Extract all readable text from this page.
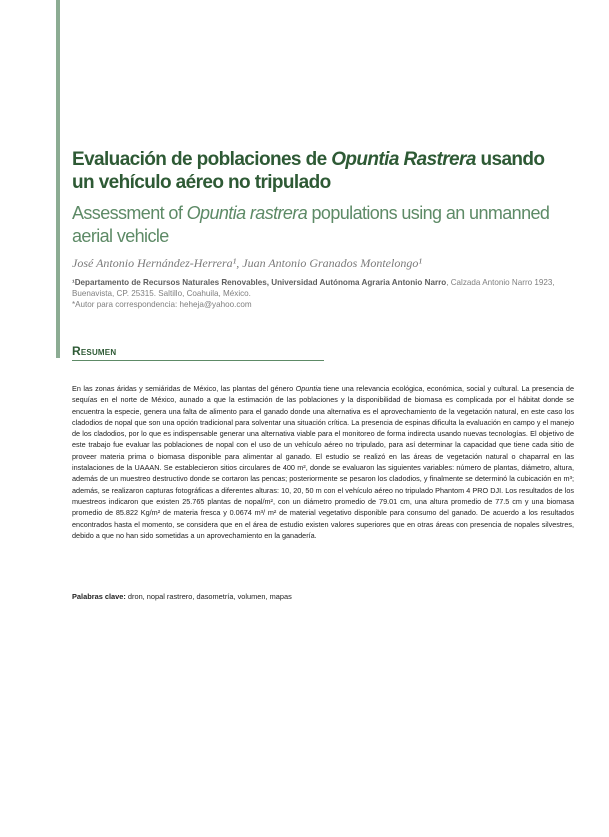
Evaluación de poblaciones de Opuntia Rastrera usando un vehículo aéreo no tripulado
Assessment of Opuntia rastrera populations using an unmanned aerial vehicle

José Antonio Hernández-Herrera¹, Juan Antonio Granados Montelongo¹

¹Departamento de Recursos Naturales Renovables, Universidad Autónoma Agraria Antonio Narro, Calzada Antonio Narro 1923, Buenavista, CP. 25315. Saltillo, Coahuila, México.
*Autor para correspondencia: heheja@yahoo.com
Resumen

En las zonas áridas y semiáridas de México, las plantas del género Opuntia tiene una relevancia ecológica, económica, social y cultural. La presencia de sequías en el norte de México, aunado a que la estimación de las poblaciones y la disponibilidad de biomasa es complicada por el hábitat donde se encuentra la especie, genera una falta de alimento para el ganado donde una alternativa es el aprovechamiento de la vegetación natural, en este caso los cladodios de nopal que son una opción tradicional para solventar una situación crítica. La presencia de espinas dificulta la evaluación en campo y el manejo de los cladodios, por lo que es indispensable generar una alternativa viable para el monitoreo de forma indirecta usando nuevas tecnologías. El objetivo de este trabajo fue evaluar las poblaciones de nopal con el uso de un vehículo aéreo no tripulado, para así determinar la capacidad que tiene cada sitio de proveer materia prima o biomasa disponible para alimentar al ganado. El estudio se realizó en las áreas de vegetación natural o chaparral en las instalaciones de la UAAAN. Se establecieron sitios circulares de 400 m², donde se evaluaron las siguientes variables: número de plantas, diámetro, altura, además de un muestreo destructivo donde se cortaron las pencas; posteriormente se pesaron los cladodios, y finalmente se determinó la cubicación en m³; además, se realizaron capturas fotográficas a diferentes alturas: 10, 20, 50 m con el vehículo aéreo no tripulado Phantom 4 PRO DJI. Los resultados de los muestreos indicaron que existen 25.765 plantas de nopal/m², con un diámetro promedio de 79.01 cm, una altura promedio de 77.5 cm y una biomasa promedio de 85.822 Kg/m² de materia fresca y 0.0674 m³/ m² de material vegetativo disponible para consumo del ganado. De acuerdo a los resultados encontrados hasta el momento, se considera que en el área de estudio existen valores superiores que en otras áreas con presencia de nopales silvestres, debido a que no han sido sometidas a un aprovechamiento en la ganadería.

Palabras clave: dron, nopal rastrero, dasometría, volumen, mapas
